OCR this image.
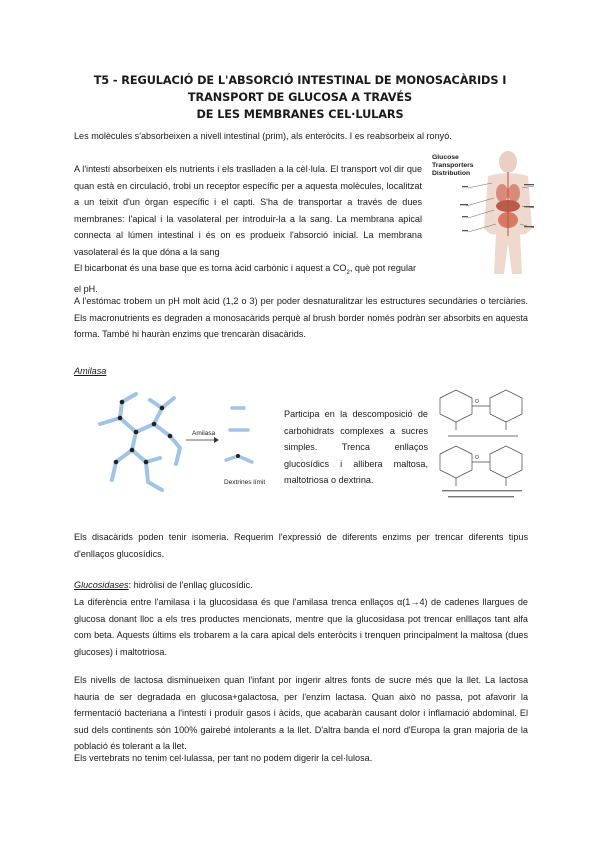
T5 - REGULACIÓ DE L'ABSORCIÓ INTESTINAL DE MONOSACÀRIDS I TRANSPORT DE GLUCOSA A TRAVÉS
DE LES MEMBRANES CEL·LULARS

Les molècules s'absorbeixen a nivell intestinal (prim), als enteròcits. I es reabsorbeix al ronyó.

A l'intestí absorbeixen els nutrients i els traslladen a la cèl·lula. El transport vol dir que quan està en circulació, trobi un receptor específic per a aquesta molècules, localitzat a un teixit d'un òrgan específic i el capti. S'ha de transportar a través de dues membranes: l'apical i la vasolateral per introduir-la a la sang. La membrana apical connecta al lúmen intestinal i és on es produeix l'absorció inicial. La membrana vasolateral és la que dóna a la sang

El bicarbonat és una base que es torna àcid carbònic i aquest a $CO_2$, què pot regular el pH.

A l'estómac trobem un pH molt àcid (1,2 o 3) per poder desnaturalitzar les estructures secundàries o terciàries. Els macronutrients es degraden a monosacàrids perquè al brush border només podràn ser absorbits en aquesta forma. També hi hauràn enzims que trencaràn disacàrids.

Glucose
Transporters
Distribution
Amilasa
Amilasa
Dextrines límit

Participa en la descomposició de carbohidrats complexes a sucres simples. Trenca enllaços glucosídics i allibera maltosa, maltotriosa o dextrina.

O
O

Els disacàrids poden tenir isomeria. Requerim l'expressió de diferents enzims per trencar diferents tipus d'enllaços glucosídics.

Glucosidases: hidròlisi de l'enllaç glucosídic.

La diferència entre l'amilasa i la glucosidasa és que l'amilasa trenca enllaços α(1→4) de cadenes llargues de glucosa donant lloc a els tres productes mencionats, mentre que la glucosidasa pot trencar enlllaços tant alfa com beta. Aquests últims els trobarem a la cara apical dels enteròcits i trenquen principalment la maltosa (dues glucoses) i maltotriosa.

Els nivells de lactosa disminueixen quan l'infant por ingerir altres fonts de sucre més que la llet. La lactosa hauria de ser degradada en glucosa+galactosa, per l'enzim lactasa. Quan això no passa, pot afavorir la fermentació bacteriana a l'intestí i produïr gasos i àcids, que acabaràn causant dolor i inflamació abdominal. El sud dels continents són 100% gairebé intolerants a la llet. D'altra banda el nord d'Europa la gran majoria de la població és tolerant a la llet.

Els vertebrats no tenim cel·lulassa, per tant no podem digerir la cel·lulosa.
